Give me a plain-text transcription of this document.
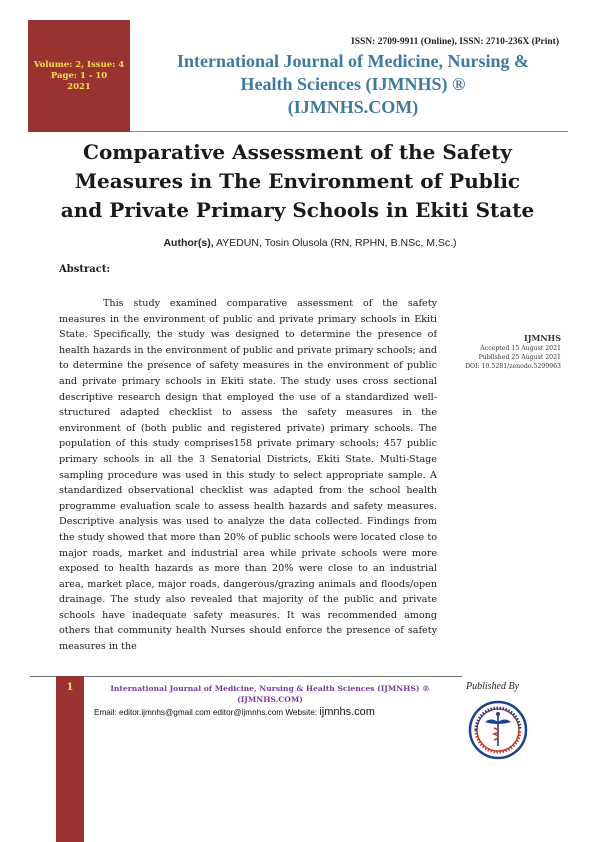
Volume: 2, Issue: 4
Page: 1 - 10
2021
ISSN: 2709-9911 (Online), ISSN: 2710-236X (Print)
International Journal of Medicine, Nursing &
Health Sciences (IJMNHS) ®
(IJMNHS.COM)
Comparative Assessment of the Safety
Measures in The Environment of Public
and Private Primary Schools in Ekiti State
Author(s), AYEDUN, Tosin Olusola (RN, RPHN, B.NSc, M.Sc.)
Abstract:

This study examined comparative assessment of the safety measures in the environment of public and private primary schools in Ekiti State. Specifically, the study was designed to determine the presence of health hazards in the environment of public and private primary schools; and to determine the presence of safety measures in the environment of public and private primary schools in Ekiti state. The study uses cross sectional descriptive research design that employed the use of a standardized well-structured adapted checklist to assess the safety measures in the environment of (both public and registered private) primary schools. The population of this study comprises158 private primary schools; 457 public primary schools in all the 3 Senatorial Districts, Ekiti State. Multi-Stage sampling procedure was used in this study to select appropriate sample. A standardized observational checklist was adapted from the school health programme evaluation scale to assess health hazards and safety measures. Descriptive analysis was used to analyze the data collected. Findings from the study showed that more than 20% of public schools were located close to major roads, market and industrial area while private schools were more exposed to health hazards as more than 20% were close to an industrial area, market place, major roads, dangerous/grazing animals and floods/open drainage. The study also revealed that majority of the public and private schools have inadequate safety measures. It was recommended among others that community health Nurses should enforce the presence of safety measures in the

IJMNHS
Accepted 15 August 2021
Published 25 August 2021
DOI: 10.5281/zenodo.5299963
1	International Journal of Medicine, Nursing & Health Sciences (IJMNHS) ®
(IJMNHS.COM)
Email: editor.ijmnhs@gmail.com editor@ijmnhs.com Website: ijmnhs.com
Published By
